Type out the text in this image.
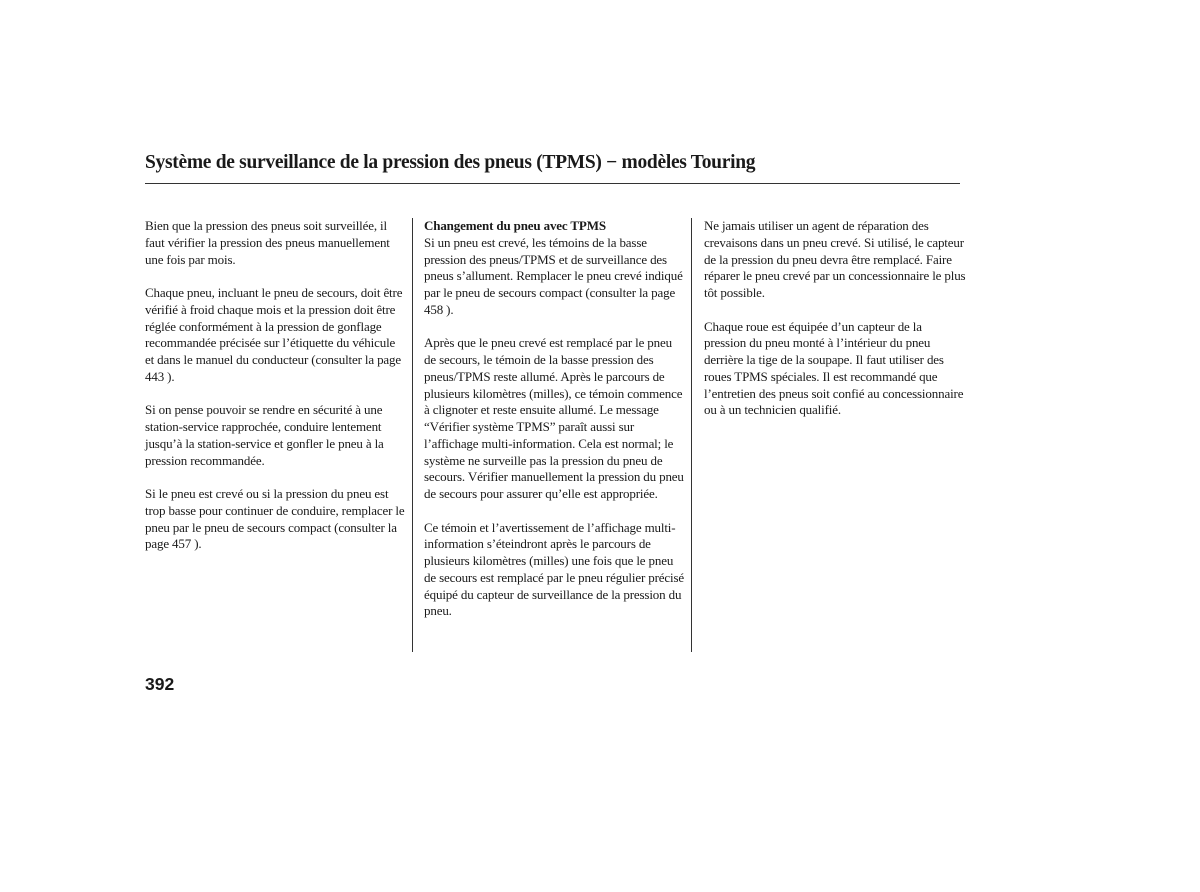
Système de surveillance de la pression des pneus (TPMS) − modèles Touring

Bien que la pression des pneus soit surveillée, il faut vérifier la pression des pneus manuellement une fois par mois.

Chaque pneu, incluant le pneu de secours, doit être vérifié à froid chaque mois et la pression doit être réglée conformément à la pression de gonflage recommandée précisée sur l’étiquette du véhicule et dans le manuel du conducteur (consulter la page 443 ).

Si on pense pouvoir se rendre en sécurité à une station-service rapprochée, conduire lentement jusqu’à la station-service et gonfler le pneu à la pression recommandée.

Si le pneu est crevé ou si la pression du pneu est trop basse pour continuer de conduire, remplacer le pneu par le pneu de secours compact (consulter la page 457 ).

Changement du pneu avec TPMS
Si un pneu est crevé, les témoins de la basse pression des pneus/TPMS et de surveillance des pneus s’allument. Remplacer le pneu crevé indiqué par le pneu de secours compact (consulter la page 458 ).

Après que le pneu crevé est remplacé par le pneu de secours, le témoin de la basse pression des pneus/TPMS reste allumé. Après le parcours de plusieurs kilomètres (milles), ce témoin commence à clignoter et reste ensuite allumé. Le message “Vérifier système TPMS” paraît aussi sur l’affichage multi-information. Cela est normal; le système ne surveille pas la pression du pneu de secours. Vérifier manuellement la pression du pneu de secours pour assurer qu’elle est appropriée.

Ce témoin et l’avertissement de l’affichage multi-information s’éteindront après le parcours de plusieurs kilomètres (milles) une fois que le pneu de secours est remplacé par le pneu régulier précisé équipé du capteur de surveillance de la pression du pneu.

Ne jamais utiliser un agent de réparation des crevaisons dans un pneu crevé. Si utilisé, le capteur de la pression du pneu devra être remplacé. Faire réparer le pneu crevé par un concessionnaire le plus tôt possible.

Chaque roue est équipée d’un capteur de la pression du pneu monté à l’intérieur du pneu derrière la tige de la soupape. Il faut utiliser des roues TPMS spéciales. Il est recommandé que l’entretien des pneus soit confié au concessionnaire ou à un technicien qualifié.

392
